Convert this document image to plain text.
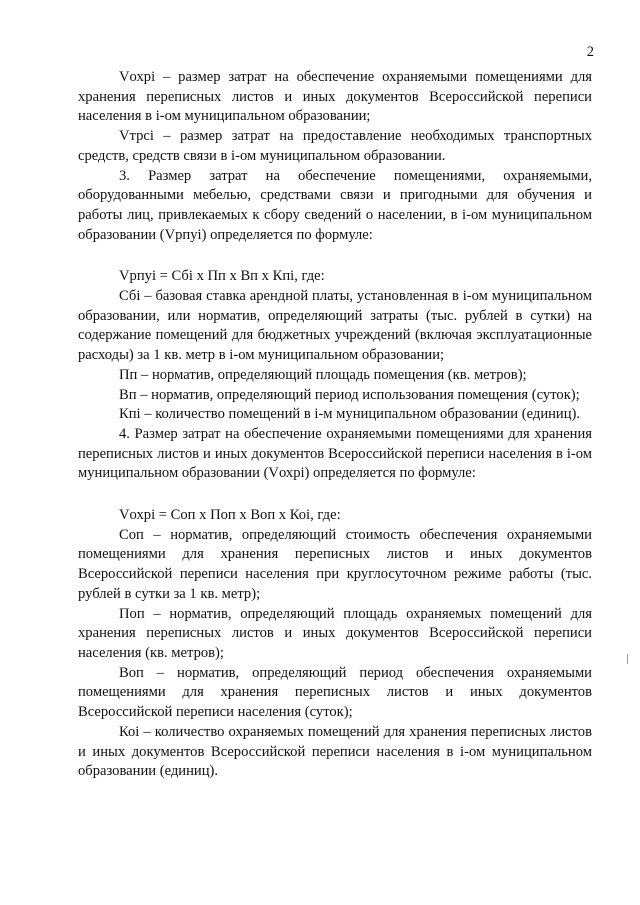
2

Vохрi – размер затрат на обеспечение охраняемыми помещениями для хранения переписных листов и иных документов Всероссийской переписи населения в i-ом муниципальном образовании;

Vтрсi – размер затрат на предоставление необходимых транспортных средств, средств связи в i-ом муниципальном образовании.

3. Размер затрат на обеспечение помещениями, охраняемыми, оборудованными мебелью, средствами связи и пригодными для обучения и работы лиц, привлекаемых к сбору сведений о населении, в i-ом муниципальном образовании (Vрпуi) определяется по формуле:

Vрпуi = Сбi x Пп x Вп x Кпi, где:

Сбi – базовая ставка арендной платы, установленная в i-ом муниципальном образовании, или норматив, определяющий затраты (тыс. рублей в сутки) на содержание помещений для бюджетных учреждений (включая эксплуатационные расходы) за 1 кв. метр в i-ом муниципальном образовании;

Пп – норматив, определяющий площадь помещения (кв. метров);

Вп – норматив, определяющий период использования помещения (суток);

Кпi – количество помещений в i-м муниципальном образовании (единиц).

4. Размер затрат на обеспечение охраняемыми помещениями для хранения переписных листов и иных документов Всероссийской переписи населения в i-ом муниципальном образовании (Vохрi) определяется по формуле:

Vохрi = Соп x Поп x Воп x Коi, где:

Соп – норматив, определяющий стоимость обеспечения охраняемыми помещениями для хранения переписных листов и иных документов Всероссийской переписи населения при круглосуточном режиме работы (тыс. рублей в сутки за 1 кв. метр);

Поп – норматив, определяющий площадь охраняемых помещений для хранения переписных листов и иных документов Всероссийской переписи населения (кв. метров);

Воп – норматив, определяющий период обеспечения охраняемыми помещениями для хранения переписных листов и иных документов Всероссийской переписи населения (суток);

Коi – количество охраняемых помещений для хранения переписных листов и иных документов Всероссийской переписи населения в i-ом муниципальном образовании (единиц).
